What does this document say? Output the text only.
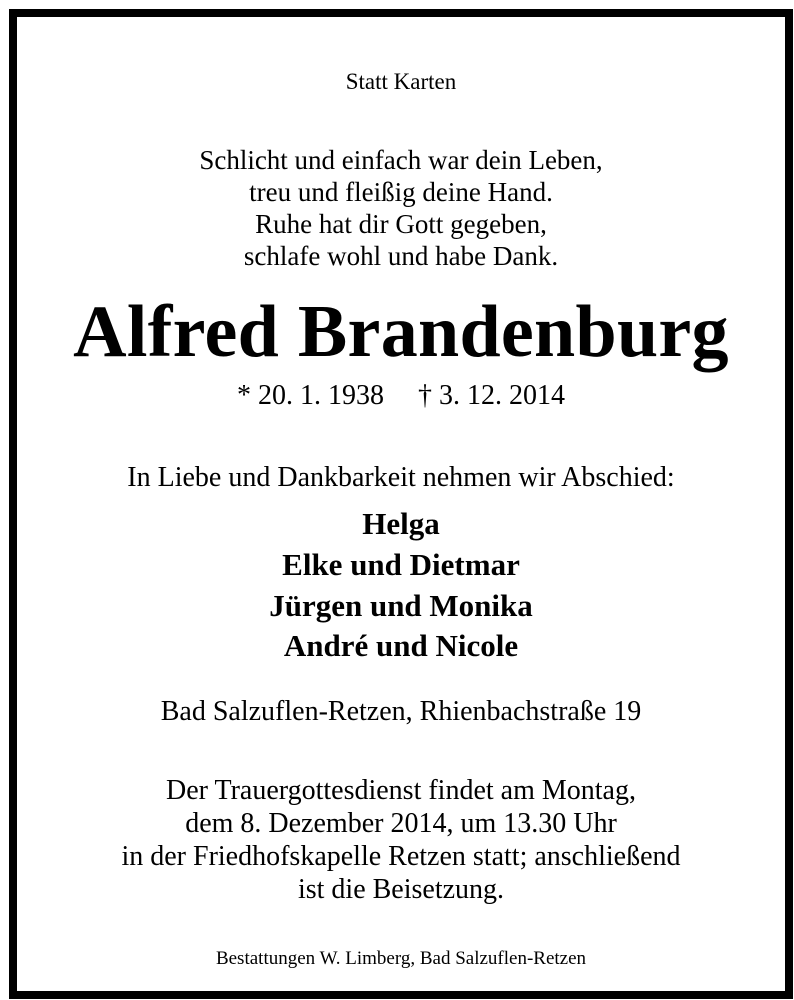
Statt Karten
Schlicht und einfach war dein Leben,
treu und fleißig deine Hand.
Ruhe hat dir Gott gegeben,
schlafe wohl und habe Dank.
Alfred Brandenburg
* 20. 1. 1938 † 3. 12. 2014
In Liebe und Dankbarkeit nehmen wir Abschied:
Helga
Elke und Dietmar
Jürgen und Monika
André und Nicole
Bad Salzuflen-Retzen, Rhienbachstraße 19
Der Trauergottesdienst findet am Montag,
dem 8. Dezember 2014, um 13.30 Uhr
in der Friedhofskapelle Retzen statt; anschließend
ist die Beisetzung.
Bestattungen W. Limberg, Bad Salzuflen-Retzen
